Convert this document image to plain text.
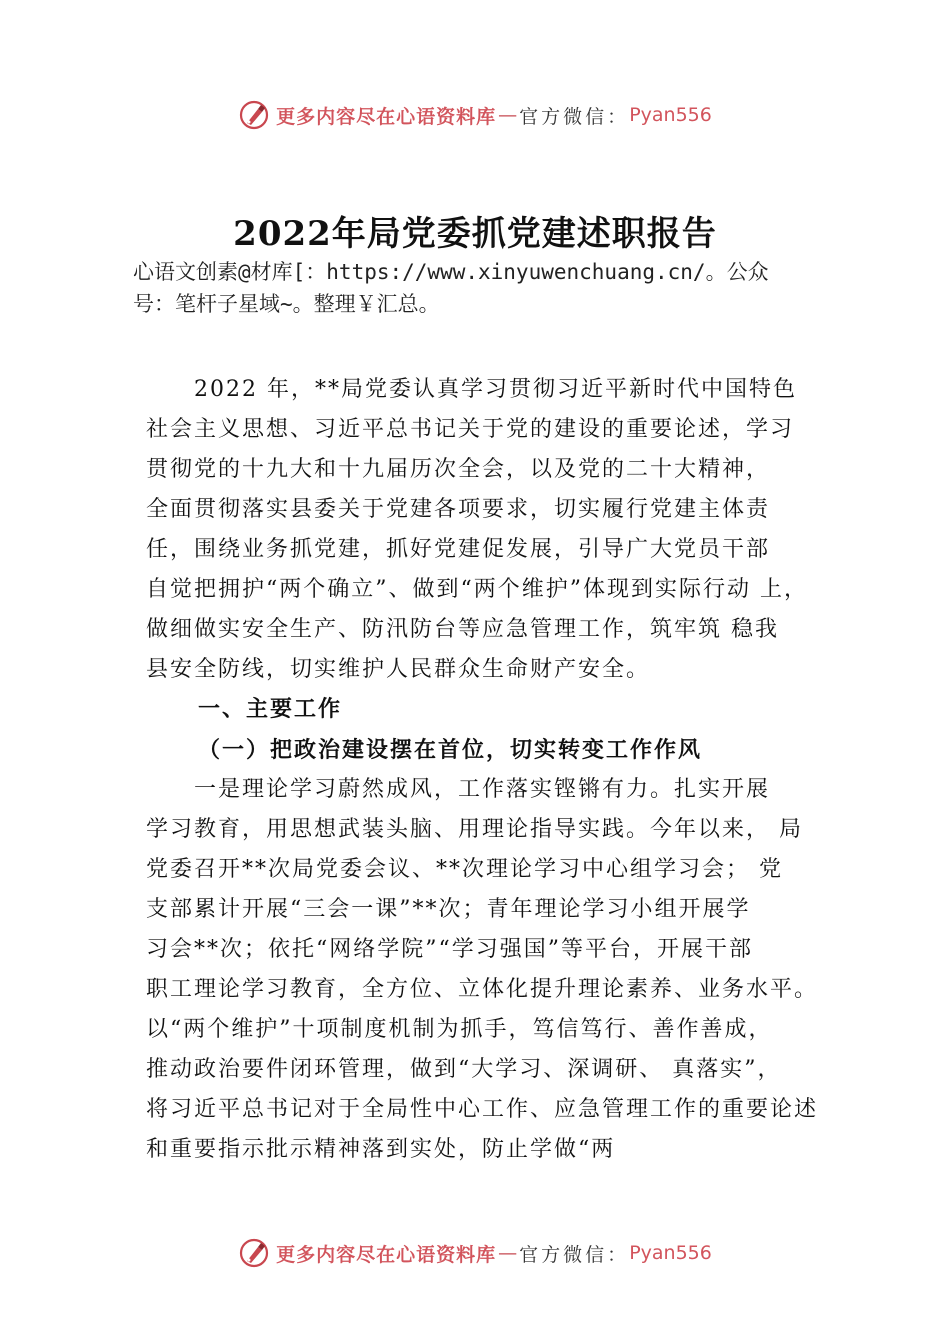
更多内容尽在心语资料库 — 官方微信： Pyan556
2022年局党委抓党建述职报告

心语文创素@材库[：https://www.xinyuwenchuang.cn/。公众
号：笔杆子星域~。整理￥汇总。

2022 年，**局党委认真学习贯彻习近平新时代中国特色

社会主义思想、习近平总书记关于党的建设的重要论述，学习

贯彻党的十九大和十九届历次全会，以及党的二十大精神，

全面贯彻落实县委关于党建各项要求，切实履行党建主体责

任，围绕业务抓党建，抓好党建促发展，引导广大党员干部

自觉把拥护“两个确立”、做到“两个维护”体现到实际行动 上，

做细做实安全生产、防汛防台等应急管理工作，筑牢筑 稳我

县安全防线，切实维护人民群众生命财产安全。

一、主要工作

（一）把政治建设摆在首位，切实转变工作作风

一是理论学习蔚然成风，工作落实铿锵有力。扎实开展

学习教育，用思想武装头脑、用理论指导实践。今年以来， 局

党委召开**次局党委会议、**次理论学习中心组学习会； 党

支部累计开展“三会一课”**次；青年理论学习小组开展学

习会**次；依托“网络学院”“学习强国”等平台，开展干部

职工理论学习教育，全方位、立体化提升理论素养、业务水平。

以“两个维护”十项制度机制为抓手，笃信笃行、善作善成，

推动政治要件闭环管理，做到“大学习、深调研、 真落实”，

将习近平总书记对于全局性中心工作、应急管理工作的重要论述

和重要指示批示精神落到实处，防止学做“两

更多内容尽在心语资料库 — 官方微信： Pyan556
